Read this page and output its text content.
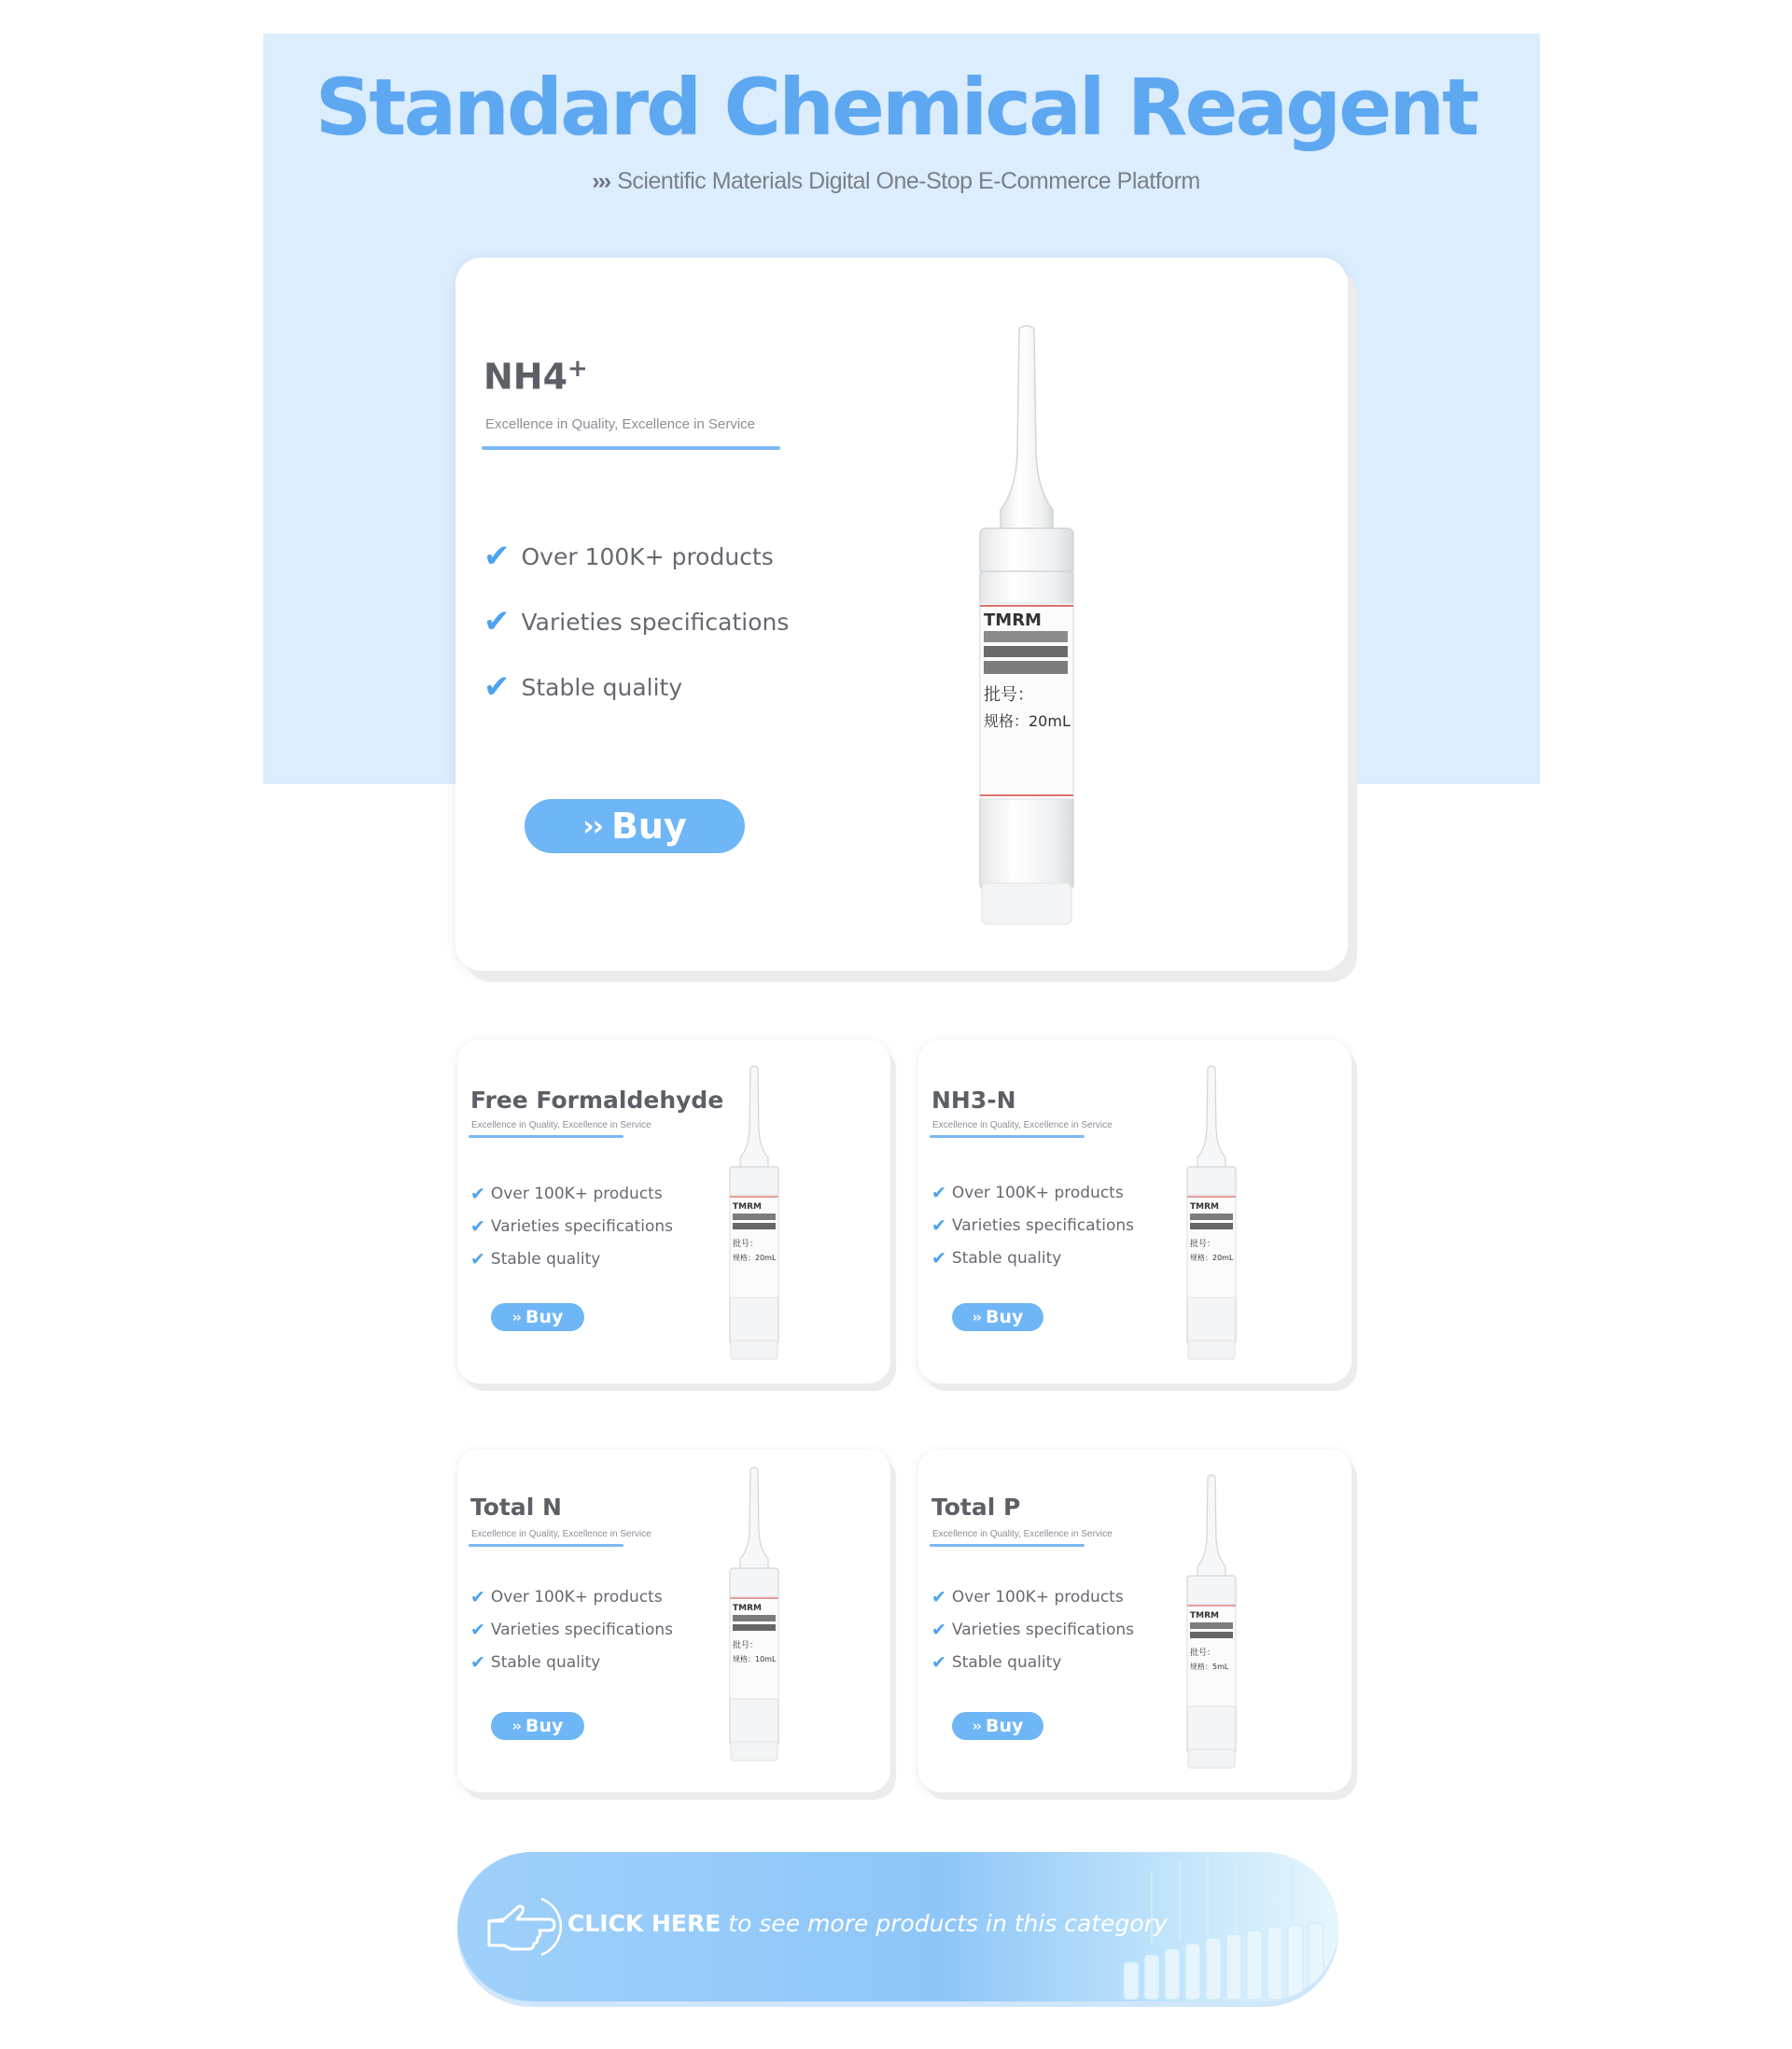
Standard Chemical Reagent
››› Scientific Materials Digital One-Stop E-Commerce Platform
NH4+
Excellence in Quality, Excellence in Service
✔ Over 100K+ products
✔ Varieties specifications
✔ Stable quality
›› Buy
TMRM
批号：
规格：20mL
Free Formaldehyde
Excellence in Quality, Excellence in Service
✔ Over 100K+ products
✔ Varieties specifications
✔ Stable quality
›› Buy
TMRM
批号：
规格：20mL
NH3-N
Excellence in Quality, Excellence in Service
✔ Over 100K+ products
✔ Varieties specifications
✔ Stable quality
›› Buy
TMRM
批号：
规格：20mL
Total N
Excellence in Quality, Excellence in Service
✔ Over 100K+ products
✔ Varieties specifications
✔ Stable quality
›› Buy
TMRM
批号：
规格：10mL
Total P
Excellence in Quality, Excellence in Service
✔ Over 100K+ products
✔ Varieties specifications
✔ Stable quality
›› Buy
TMRM
批号：
规格：5mL
CLICK HERE to see more products in this category
